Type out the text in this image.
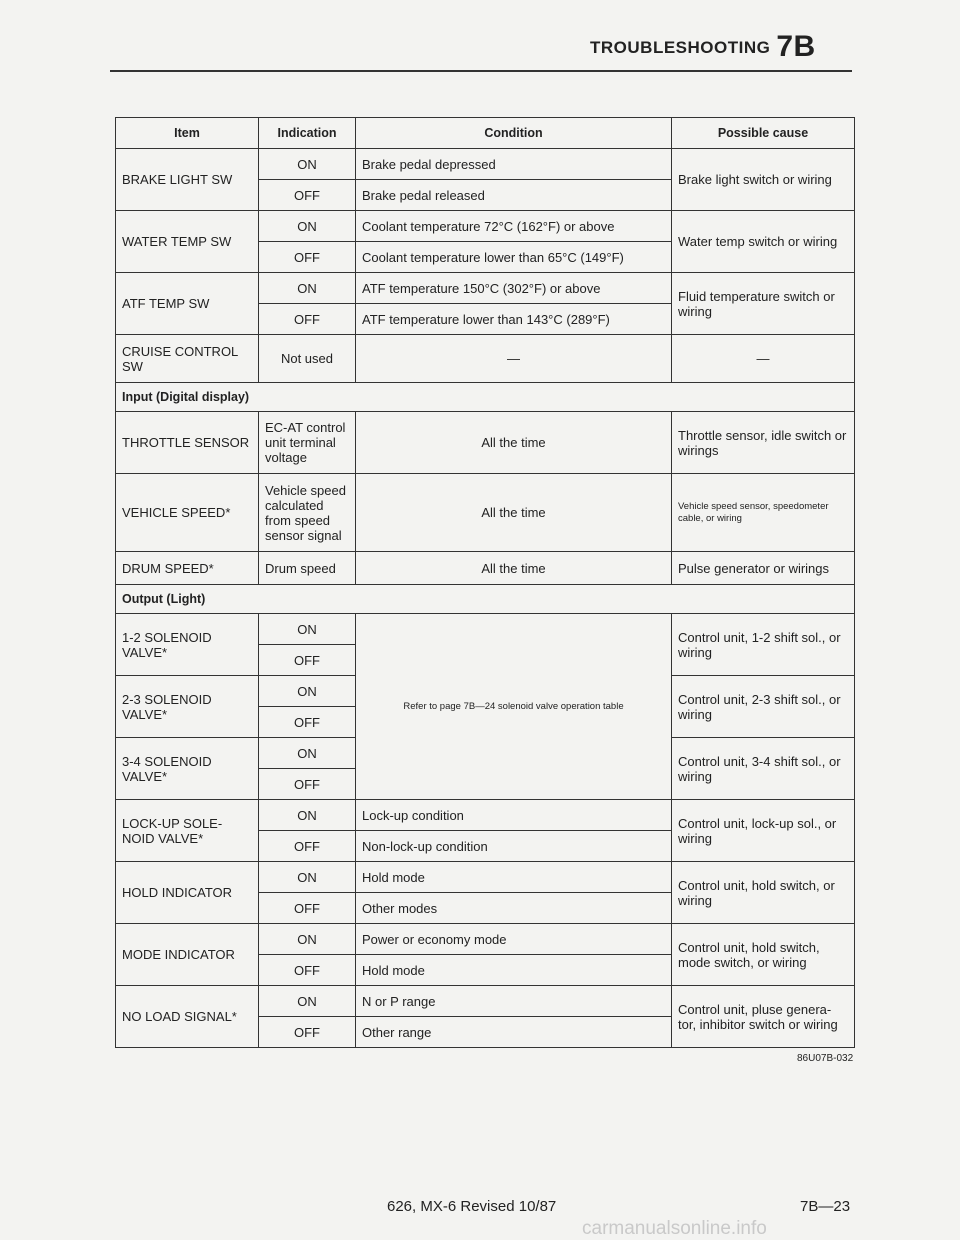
TROUBLESHOOTING 7B
Item	Indication	Condition	Possible cause
BRAKE LIGHT SW	ON	Brake pedal depressed	Brake light switch or wiring
	OFF	Brake pedal released	
WATER TEMP SW	ON	Coolant temperature 72°C (162°F) or above	Water temp switch or wiring
	OFF	Coolant temperature lower than 65°C (149°F)	
ATF TEMP SW	ON	ATF temperature 150°C (302°F) or above	Fluid temperature switch or wiring
	OFF	ATF temperature lower than 143°C (289°F)	
CRUISE CONTROL SW	Not used	—	—
Input (Digital display)			
THROTTLE SENSOR	EC-AT control unit terminal voltage	All the time	Throttle sensor, idle switch or wirings
VEHICLE SPEED*	Vehicle speed calculated from speed sensor signal	All the time	Vehicle speed sensor, speedometer cable, or wiring
DRUM SPEED*	Drum speed	All the time	Pulse generator or wirings
Output (Light)			
1-2 SOLENOID VALVE*	ON	Refer to page 7B—24 solenoid valve operation table	Control unit, 1-2 shift sol., or wiring
	OFF		
2-3 SOLENOID VALVE*	ON		Control unit, 2-3 shift sol., or wiring
	OFF		
3-4 SOLENOID VALVE*	ON		Control unit, 3-4 shift sol., or wiring
	OFF		
LOCK-UP SOLE-NOID VALVE*	ON	Lock-up condition	Control unit, lock-up sol., or wiring
	OFF	Non-lock-up condition	
HOLD INDICATOR	ON	Hold mode	Control unit, hold switch, or wiring
	OFF	Other modes	
MODE INDICATOR	ON	Power or economy mode	Control unit, hold switch, mode switch, or wiring
	OFF	Hold mode	
NO LOAD SIGNAL*	ON	N or P range	Control unit, pluse genera-tor, inhibitor switch or wiring
	OFF	Other range	
86U07B-032
626, MX-6 Revised 10/87	7B—23
carmanualsonline.info
